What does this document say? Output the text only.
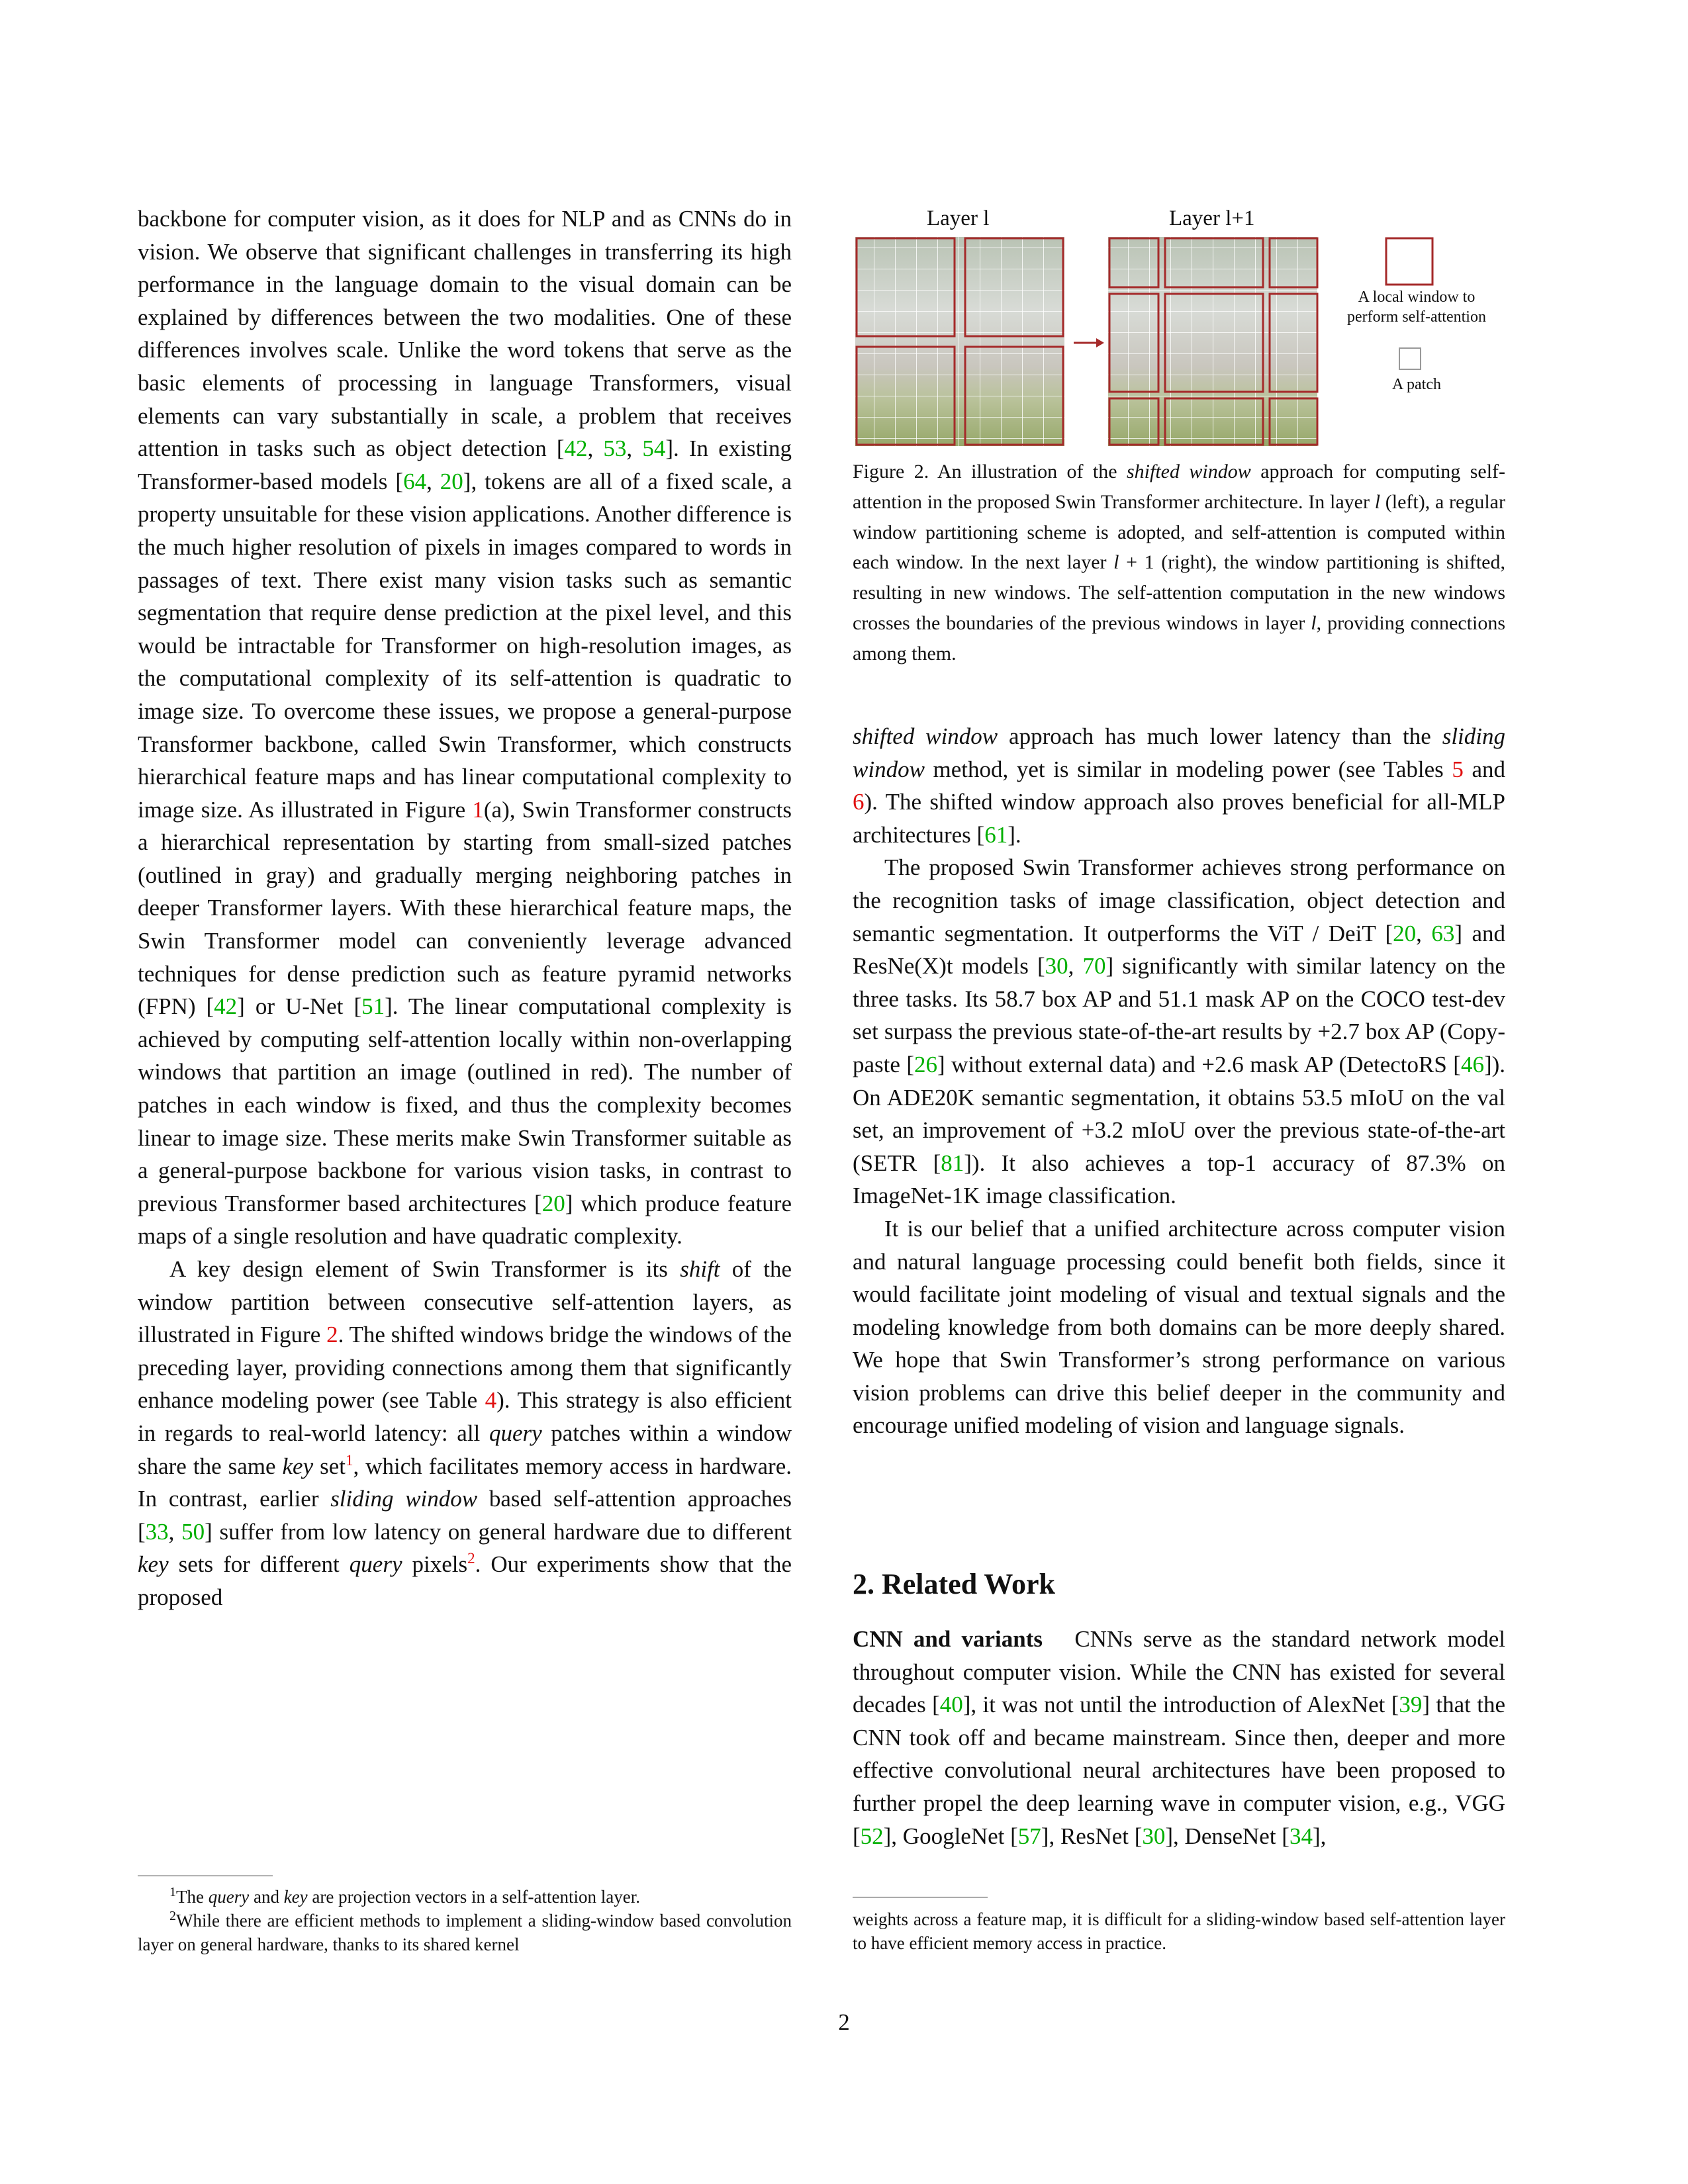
backbone for computer vision, as it does for NLP and as CNNs do in vision. We observe that significant challenges in transferring its high performance in the language domain to the visual domain can be explained by differences between the two modalities. One of these differences involves scale. Unlike the word tokens that serve as the basic elements of processing in language Transformers, visual elements can vary substantially in scale, a problem that receives attention in tasks such as object detection [42, 53, 54]. In existing Transformer-based models [64, 20], tokens are all of a fixed scale, a property unsuitable for these vision applications. Another difference is the much higher resolution of pixels in images compared to words in passages of text. There exist many vision tasks such as semantic segmentation that require dense prediction at the pixel level, and this would be intractable for Transformer on high-resolution images, as the computational complexity of its self-attention is quadratic to image size. To overcome these issues, we propose a general-purpose Transformer backbone, called Swin Transformer, which constructs hierarchical feature maps and has linear computational complexity to image size. As illustrated in Figure 1(a), Swin Transformer constructs a hierarchical representation by starting from small-sized patches (outlined in gray) and gradually merging neighboring patches in deeper Transformer layers. With these hierarchical feature maps, the Swin Transformer model can conveniently leverage advanced techniques for dense prediction such as feature pyramid networks (FPN) [42] or U-Net [51]. The linear computational complexity is achieved by computing self-attention locally within non-overlapping windows that partition an image (outlined in red). The number of patches in each window is fixed, and thus the complexity becomes linear to image size. These merits make Swin Transformer suitable as a general-purpose backbone for various vision tasks, in contrast to previous Transformer based architectures [20] which produce feature maps of a single resolution and have quadratic complexity.

A key design element of Swin Transformer is its shift of the window partition between consecutive self-attention layers, as illustrated in Figure 2. The shifted windows bridge the windows of the preceding layer, providing connections among them that significantly enhance modeling power (see Table 4). This strategy is also efficient in regards to real-world latency: all query patches within a window share the same key set$^1$, which facilitates memory access in hardware. In contrast, earlier sliding window based self-attention approaches [33, 50] suffer from low latency on general hardware due to different key sets for different query pixels$^2$. Our experiments show that the proposed

Layer l	Layer l+1
A local window to perform self-attention
A patch
Figure 2. An illustration of the shifted window approach for computing self-attention in the proposed Swin Transformer architecture. In layer l (left), a regular window partitioning scheme is adopted, and self-attention is computed within each window. In the next layer l + 1 (right), the window partitioning is shifted, resulting in new windows. The self-attention computation in the new windows crosses the boundaries of the previous windows in layer l, providing connections among them.

shifted window approach has much lower latency than the sliding window method, yet is similar in modeling power (see Tables 5 and 6). The shifted window approach also proves beneficial for all-MLP architectures [61].

The proposed Swin Transformer achieves strong performance on the recognition tasks of image classification, object detection and semantic segmentation. It outperforms the ViT / DeiT [20, 63] and ResNe(X)t models [30, 70] significantly with similar latency on the three tasks. Its 58.7 box AP and 51.1 mask AP on the COCO test-dev set surpass the previous state-of-the-art results by +2.7 box AP (Copy-paste [26] without external data) and +2.6 mask AP (DetectoRS [46]). On ADE20K semantic segmentation, it obtains 53.5 mIoU on the val set, an improvement of +3.2 mIoU over the previous state-of-the-art (SETR [81]). It also achieves a top-1 accuracy of 87.3% on ImageNet-1K image classification.

It is our belief that a unified architecture across computer vision and natural language processing could benefit both fields, since it would facilitate joint modeling of visual and textual signals and the modeling knowledge from both domains can be more deeply shared. We hope that Swin Transformer’s strong performance on various vision problems can drive this belief deeper in the community and encourage unified modeling of vision and language signals.

2. Related Work

CNN and variants   CNNs serve as the standard network model throughout computer vision. While the CNN has existed for several decades [40], it was not until the introduction of AlexNet [39] that the CNN took off and became mainstream. Since then, deeper and more effective convolutional neural architectures have been proposed to further propel the deep learning wave in computer vision, e.g., VGG [52], GoogleNet [57], ResNet [30], DenseNet [34],

$^1$The query and key are projection vectors in a self-attention layer.

$^2$While there are efficient methods to implement a sliding-window based convolution layer on general hardware, thanks to its shared kernel

weights across a feature map, it is difficult for a sliding-window based self-attention layer to have efficient memory access in practice.
2
